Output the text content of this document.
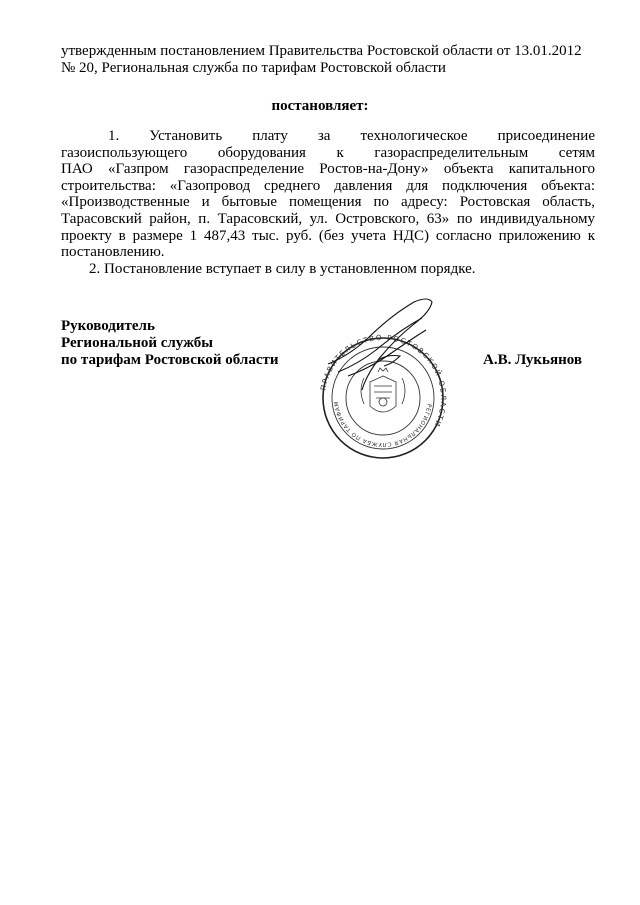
утвержденным постановлением Правительства Ростовской области от 13.01.2012
№ 20, Региональная служба по тарифам Ростовской области
постановляет:
1. Установить плату за технологическое присоединение
газоиспользующего оборудования к газораспределительным сетям
ПАО «Газпром газораспределение Ростов-на-Дону» объекта капитального
строительства: «Газопровод среднего давления для подключения объекта:
«Производственные и бытовые помещения по адресу: Ростовская область,
Тарасовский район, п. Тарасовский, ул. Островского, 63» по индивидуальному
проекту в размере 1 487,43 тыс. руб. (без учета НДС) согласно приложению к
постановлению.
2. Постановление вступает в силу в установленном порядке.
Руководитель
Региональной службы
по тарифам Ростовской области	А.В. Лукьянов
ПРАВИТЕЛЬСТВО РОСТОВСКОЙ ОБЛАСТИ
РЕГИОНАЛЬНАЯ СЛУЖБА ПО ТАРИФАМ
